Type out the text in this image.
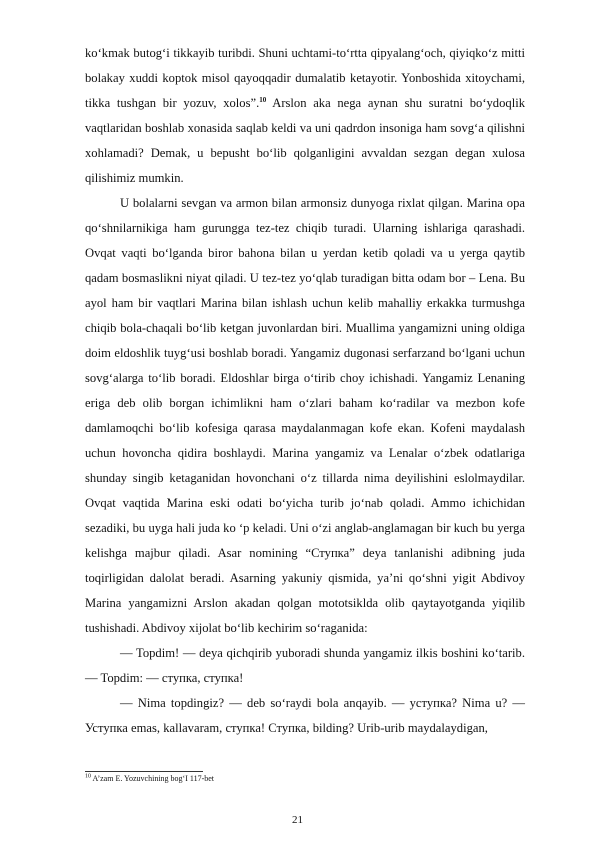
ko‘kmak butog‘i tikkayib turibdi. Shuni uchtami-to‘rtta qipyalang‘och, qiyiqko‘z mitti bolakay xuddi koptok misol qayoqqadir dumalatib ketayotir. Yonboshida xitoychami, tikka tushgan bir yozuv, xolos”.$^{10}$ Arslon aka nega aynan shu suratni bo‘ydoqlik vaqtlaridan boshlab xonasida saqlab keldi va uni qadrdon insoniga ham sovg‘a qilishni xohlamadi? Demak, u bepusht bo‘lib qolganligini avvaldan sezgan degan xulosa qilishimiz mumkin.

U bolalarni sevgan va armon bilan armonsiz dunyoga rixlat qilgan. Marina opa qo‘shnilarnikiga ham gurungga tez-tez chiqib turadi. Ularning ishlariga qarashadi. Ovqat vaqti bo‘lganda biror bahona bilan u yerdan ketib qoladi va u yerga qaytib qadam bosmaslikni niyat qiladi. U tez-tez yo‘qlab turadigan bitta odam bor – Lena. Bu ayol ham bir vaqtlari Marina bilan ishlash uchun kelib mahalliy erkakka turmushga chiqib bola-chaqali bo‘lib ketgan juvonlardan biri. Muallima yangamizni uning oldiga doim eldoshlik tuyg‘usi boshlab boradi. Yangamiz dugonasi serfarzand bo‘lgani uchun sovg‘alarga to‘lib boradi. Eldoshlar birga o‘tirib choy ichishadi. Yangamiz Lenaning eriga deb olib borgan ichimlikni ham o‘zlari baham ko‘radilar va mezbon kofe damlamoqchi bo‘lib kofesiga qarasa maydalanmagan kofe ekan. Kofeni maydalash uchun hovoncha qidira boshlaydi. Marina yangamiz va Lenalar o‘zbek odatlariga shunday singib ketaganidan hovonchani o‘z tillarda nima deyilishini eslolmaydilar. Ovqat vaqtida Marina eski odati bo‘yicha turib jo‘nab qoladi. Ammo ichichidan sezadiki, bu uyga hali juda ko ‘p keladi. Uni o‘zi anglab-anglamagan bir kuch bu yerga kelishga majbur qiladi. Asar nomining “Ступка” deya tanlanishi adibning juda toqirligidan dalolat beradi. Asarning yakuniy qismida, ya’ni qo‘shni yigit Abdivoy Marina yangamizni Arslon akadan qolgan mototsiklda olib qaytayotganda yiqilib tushishadi. Abdivoy xijolat bo‘lib kechirim so‘raganida:

— Topdim! — deya qichqirib yuboradi shunda yangamiz ilkis boshini ko‘tarib. — Topdim: — ступка, ступка!

— Nima topdingiz? — deb so‘raydi bola anqayib. — ycтупка? Nima u? — Уступка emas, kallavaram, ступка! Ступка, bilding? Urib-urib maydalaydigan,

$^{10}$ A’zam E. Yozuvchining bog‘I 117-bet
21
